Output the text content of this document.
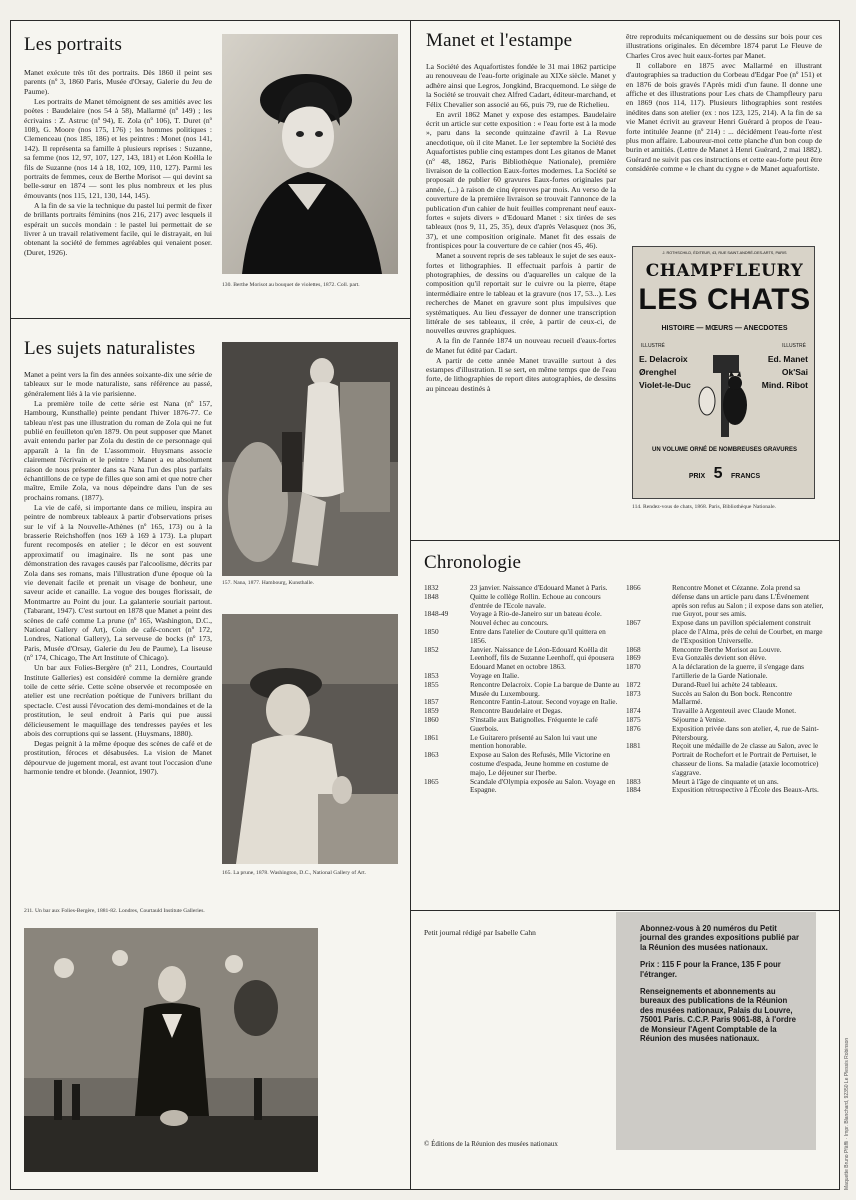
Les portraits

Manet exécute très tôt des portraits. Dès 1860 il peint ses parents (nº 3, 1860 Paris, Musée d'Orsay, Galerie du Jeu de Paume).

Les portraits de Manet témoignent de ses amitiés avec les poètes : Baudelaire (nos 54 à 58), Mallarmé (nº 149) ; les écrivains : Z. Astruc (nº 94), E. Zola (nº 106), T. Duret (nº 108), G. Moore (nos 175, 176) ; les hommes politiques : Clemenceau (nos 185, 186) et les peintres : Monet (nos 141, 142). Il représenta sa famille à plusieurs reprises : Suzanne, sa femme (nos 12, 97, 107, 127, 143, 181) et Léon Koëlla le fils de Suzanne (nos 14 à 18, 102, 109, 110, 127). Parmi les portraits de femmes, ceux de Berthe Morisot — qui devint sa belle-sœur en 1874 — sont les plus nombreux et les plus émouvants (nos 115, 121, 130, 144, 145).

A la fin de sa vie la technique du pastel lui permit de fixer de brillants portraits féminins (nos 216, 217) avec lesquels il espérait un succès mondain : le pastel lui permettait de se livrer à un travail relativement facile, qui le distrayait, en lui obtenant la société de femmes agréables qui venaient poser. (Duret, 1926).

130. Berthe Morisot au bouquet de violettes, 1872. Coll. part.
Les sujets naturalistes

Manet a peint vers la fin des années soixante-dix une série de tableaux sur le mode naturaliste, sans référence au passé, généralement liés à la vie parisienne.

La première toile de cette série est Nana (nº 157, Hambourg, Kunsthalle) peinte pendant l'hiver 1876-77. Ce tableau n'est pas une illustration du roman de Zola qui ne fut publié en feuilleton qu'en 1879. On peut supposer que Manet avait entendu parler par Zola du destin de ce personnage qui apparaît à la fin de L'assommoir. Huysmans associe clairement l'écrivain et le peintre : Manet a eu absolument raison de nous présenter dans sa Nana l'un des plus parfaits échantillons de ce type de filles que son ami et que notre cher maître, Emile Zola, va nous dépeindre dans l'un de ses prochains romans. (1877).

La vie de café, si importante dans ce milieu, inspira au peintre de nombreux tableaux à partir d'observations prises sur le vif à la Nouvelle-Athènes (nº 165, 173) ou à la brasserie Reichshoffen (nos 169 à 169 à 173). La plupart furent recomposés en atelier ; le décor en est souvent approximatif ou imaginaire. Ils ne sont pas une démonstration des ravages causés par l'alcoolisme, décrits par Zola dans ses romans, mais l'illustration d'une époque où la vie devenait facile et prenait un visage de bonheur, une saveur acide et canaille. La vogue des bouges florissait, de Montmartre au Point du jour. La galanterie souriait partout. (Tabarant, 1947). C'est surtout en 1878 que Manet a peint des scènes de café comme La prune (nº 165, Washington, D.C., National Gallery of Art), Coin de café-concert (nº 172, Londres, National Gallery), La serveuse de bocks (nº 173, Paris, Musée d'Orsay, Galerie du Jeu de Paume), La liseuse (nº 174, Chicago, The Art Institute of Chicago).

Un bar aux Folies-Bergère (nº 211, Londres, Courtauld Institute Galleries) est considéré comme la dernière grande toile de cette série. Cette scène observée et recomposée en atelier est une recréation poétique de l'univers brillant du spectacle. C'est aussi l'évocation des demi-mondaines et de la prostitution, le seul endroit à Paris qui pue aussi délicieusement le maquillage des tendresses payées et les abois des corruptions qui se lassent. (Huysmans, 1880).

Degas peignit à la même époque des scènes de café et de prostitution, féroces et désabusées. La vision de Manet dépourvue de jugement moral, est avant tout l'occasion d'une harmonie tendre et blonde. (Jeanniot, 1907).

157. Nana, 1877. Hambourg, Kunsthalle.
165. La prune, 1878. Washington, D.C., National Gallery of Art.
211. Un bar aux Folies-Bergère, 1881-82. Londres, Courtauld Institute Galleries.
Manet et l'estampe

La Société des Aquafortistes fondée le 31 mai 1862 participe au renouveau de l'eau-forte originale au XIXe siècle. Manet y adhère ainsi que Legros, Jongkind, Bracquemond. Le siège de la Société se trouvait chez Alfred Cadart, éditeur-marchand, et Félix Chevalier son associé au 66, puis 79, rue de Richelieu.

En avril 1862 Manet y expose des estampes. Baudelaire écrit un article sur cette exposition : « l'eau forte est à la mode », paru dans la seconde quinzaine d'avril à La Revue anecdotique, où il cite Manet. Le 1er septembre la Société des Aquafortistes publie cinq estampes dont Les gitanos de Manet (nº 48, 1862, Paris Bibliothèque Nationale), première livraison de la collection Eaux-fortes modernes. La Société se proposait de publier 60 gravures Eaux-fortes originales par année, (...) à raison de cinq épreuves par mois. Au verso de la couverture de la première livraison se trouvait l'annonce de la publication d'un cahier de huit feuilles comprenant neuf eaux-fortes « sujets divers » d'Edouard Manet : six tirées de ses tableaux (nos 9, 11, 25, 35), deux d'après Velasquez (nos 36, 37), et une composition originale. Manet fit des essais de frontispices pour la couverture de ce cahier (nos 45, 46).

Manet a souvent repris de ses tableaux le sujet de ses eaux-fortes et lithographies. Il effectuait parfois à partir de photographies, de dessins ou d'aquarelles un calque de la composition qu'il reportait sur le cuivre ou la pierre, étape intermédiaire entre le tableau et la gravure (nos 17, 53...). Les recherches de Manet en gravure sont plus impulsives que systématiques. Au lieu d'essayer de donner une transcription littérale de ses tableaux, il crée, à partir de ceux-ci, de nouvelles œuvres graphiques.

A la fin de l'année 1874 un nouveau recueil d'eaux-fortes de Manet fut édité par Cadart.

A partir de cette année Manet travaille surtout à des estampes d'illustration. Il se sert, en même temps que de l'eau forte, de lithographies de report dites autographies, de dessins au pinceau destinés à

être reproduits mécaniquement ou de dessins sur bois pour ces illustrations originales. En décembre 1874 parut Le Fleuve de Charles Cros avec huit eaux-fortes par Manet.

Il collabore en 1875 avec Mallarmé en illustrant d'autographies sa traduction du Corbeau d'Edgar Poe (nº 151) et en 1876 de bois gravés l'Après midi d'un faune. Il donne une affiche et des illustrations pour Les chats de Champfleury paru en 1869 (nos 114, 117). Plusieurs lithographies sont restées inédites dans son atelier (ex : nos 123, 125, 214). A la fin de sa vie Manet écrivit au graveur Henri Guérard à propos de l'eau-forte intitulée Jeanne (nº 214) : ... décidément l'eau-forte n'est plus mon affaire. Laboureur-moi cette planche d'un bon coup de burin et amitiés. (Lettre de Manet à Henri Guérard, 2 mai 1882). Guérard ne suivit pas ces instructions et cette eau-forte peut être considérée comme « le chant du cygne » de Manet aquafortiste.

J. ROTHSCHILD, ÉDITEUR, 43, RUE SAINT-ANDRÉ-DES-ARTS, PARIS
CHAMPFLEURY
LES CHATS
HISTOIRE — MŒURS — ANECDOTES
ILLUSTRÉ	ILLUSTRÉ
E. Delacroix
Ørenghel
Violet-le-Duc
Ed. Manet
Ok'Sai
Mind. Ribot
UN VOLUME ORNÉ DE NOMBREUSES GRAVURES
PRIX 5 FRANCS
114. Rendez-vous de chats, 1868. Paris, Bibliothèque Nationale.
Chronologie
1832	23 janvier. Naissance d'Edouard Manet à Paris.
1848	Quitte le collège Rollin. Echoue au concours d'entrée de l'Ecole navale.
1848-49	Voyage à Rio-de-Janeiro sur un bateau école. Nouvel échec au concours.
1850	Entre dans l'atelier de Couture qu'il quittera en 1856.
1852	Janvier. Naissance de Léon-Edouard Koëlla dit Leenhoff, fils de Suzanne Leenhoff, qui épousera Edouard Manet en octobre 1863.
1853	Voyage en Italie.
1855	Rencontre Delacroix. Copie La barque de Dante au Musée du Luxembourg.
1857	Rencontre Fantin-Latour. Second voyage en Italie.
1859	Rencontre Baudelaire et Degas.
1860	S'installe aux Batignolles. Fréquente le café Guerbois.
1861	Le Guitarero présenté au Salon lui vaut une mention honorable.
1863	Expose au Salon des Refusés, Mlle Victorine en costume d'espada, Jeune homme en costume de majo, Le déjeuner sur l'herbe.
1865	Scandale d'Olympia exposée au Salon. Voyage en Espagne.
1866	Rencontre Monet et Cézanne. Zola prend sa défense dans un article paru dans L'Événement après son refus au Salon ; il expose dans son atelier, rue Guyot, pour ses amis.
1867	Expose dans un pavillon spécialement construit place de l'Alma, près de celui de Courbet, en marge de l'Exposition Universelle.
1868	Rencontre Berthe Morisot au Louvre.
1869	Eva Gonzalès devient son élève.
1870	A la déclaration de la guerre, il s'engage dans l'artillerie de la Garde Nationale.
1872	Durand-Ruel lui achète 24 tableaux.
1873	Succès au Salon du Bon bock. Rencontre Mallarmé.
1874	Travaille à Argenteuil avec Claude Monet.
1875	Séjourne à Venise.
1876	Exposition privée dans son atelier, 4, rue de Saint-Pétersbourg.
1881	Reçoit une médaille de 2e classe au Salon, avec le Portrait de Rochefort et le Portrait de Pertuiset, le chasseur de lions. Sa maladie (ataxie locomotrice) s'aggrave.
1883	Meurt à l'âge de cinquante et un ans.
1884	Exposition rétrospective à l'École des Beaux-Arts.
Petit journal rédigé par Isabelle Cahn
© Éditions de la Réunion des musées nationaux

Abonnez-vous à 20 numéros du Petit journal des grandes expositions publié par la Réunion des musées nationaux.

Prix : 115 F pour la France, 135 F pour l'étranger.

Renseignements et abonnements au bureaux des publications de la Réunion des musées nationaux, Palais du Louvre, 75001 Paris. C.C.P. Paris 9061-88, à l'ordre de Monsieur l'Agent Comptable de la Réunion des musées nationaux.	Maquette Bruno Pfäffli · Impr. Blanchard, 92350 Le Plessis Robinson
